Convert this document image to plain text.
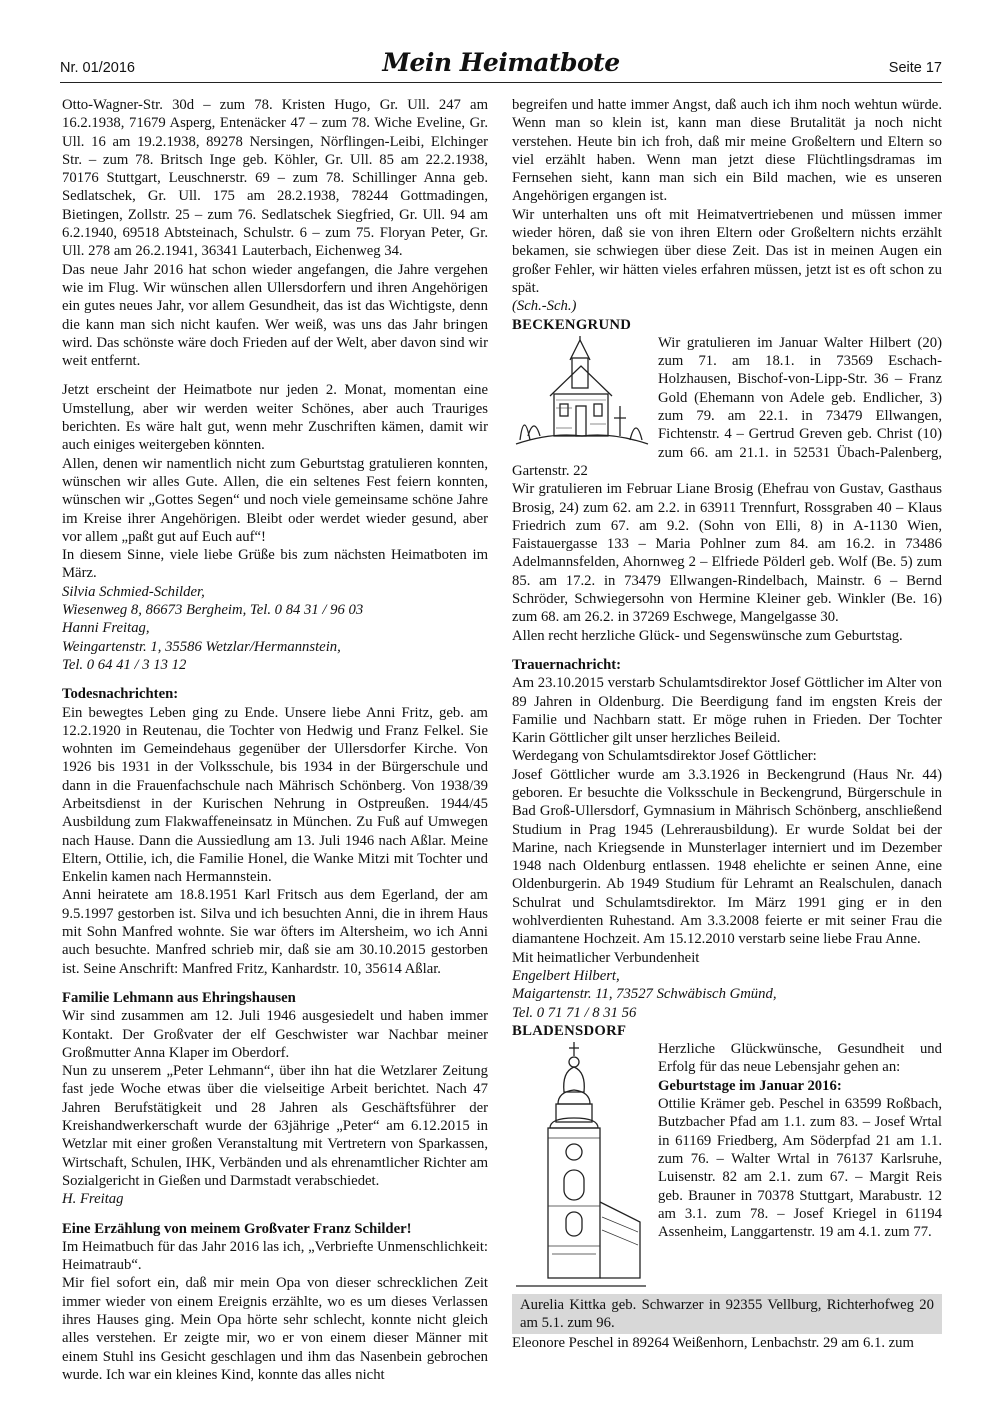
Nr. 01/2016	Mein Heimatbote	Seite 17

Otto-Wagner-Str. 30d – zum 78. Kristen Hugo, Gr. Ull. 247 am 16.2.1938, 71679 Asperg, Entenäcker 47 – zum 78. Wiche Eveline, Gr. Ull. 16 am 19.2.1938, 89278 Nersingen, Nörflingen-Leibi, Elchinger Str. – zum 78. Britsch Inge geb. Köhler, Gr. Ull. 85 am 22.2.1938, 70176 Stuttgart, Leuschnerstr. 69 – zum 78. Schillinger Anna geb. Sedlatschek, Gr. Ull. 175 am 28.2.1938, 78244 Gottmadingen, Bietingen, Zollstr. 25 – zum 76. Sedlatschek Siegfried, Gr. Ull. 94 am 6.2.1940, 69518 Abtsteinach, Schulstr. 6 – zum 75. Floryan Peter, Gr. Ull. 278 am 26.2.1941, 36341 Lauterbach, Eichenweg 34.

Das neue Jahr 2016 hat schon wieder angefangen, die Jahre vergehen wie im Flug. Wir wünschen allen Ullersdorfern und ihren Angehörigen ein gutes neues Jahr, vor allem Gesundheit, das ist das Wichtigste, denn die kann man sich nicht kaufen. Wer weiß, was uns das Jahr bringen wird. Das schönste wäre doch Frieden auf der Welt, aber davon sind wir weit entfernt.

Jetzt erscheint der Heimatbote nur jeden 2. Monat, momentan eine Umstellung, aber wir werden weiter Schönes, aber auch Trauriges berichten. Es wäre halt gut, wenn mehr Zuschriften kämen, damit wir auch einiges weitergeben könnten.

Allen, denen wir namentlich nicht zum Geburtstag gratulieren konnten, wünschen wir alles Gute. Allen, die ein seltenes Fest feiern konnten, wünschen wir „Gottes Segen“ und noch viele gemeinsame schöne Jahre im Kreise ihrer Angehörigen. Bleibt oder werdet wieder gesund, aber vor allem „paßt gut auf Euch auf“!

In diesem Sinne, viele liebe Grüße bis zum nächsten Heimatboten im März.

Silvia Schmied-Schilder,

Wiesenweg 8, 86673 Bergheim, Tel. 0 84 31 / 96 03

Hanni Freitag,

Weingartenstr. 1, 35586 Wetzlar/Hermannstein,

Tel. 0 64 41 / 3 13 12

Todesnachrichten:

Ein bewegtes Leben ging zu Ende. Unsere liebe Anni Fritz, geb. am 12.2.1920 in Reutenau, die Tochter von Hedwig und Franz Felkel. Sie wohnten im Gemeindehaus gegenüber der Ullersdorfer Kirche. Von 1926 bis 1931 in der Volksschule, bis 1934 in der Bürgerschule und dann in die Frauenfachschule nach Mährisch Schönberg. Von 1938/39 Arbeitsdienst in der Kurischen Nehrung in Ostpreußen. 1944/45 Ausbildung zum Flakwaffeneinsatz in München. Zu Fuß auf Umwegen nach Hause. Dann die Aussiedlung am 13. Juli 1946 nach Aßlar. Meine Eltern, Ottilie, ich, die Familie Honel, die Wanke Mitzi mit Tochter und Enkelin kamen nach Hermannstein.

Anni heiratete am 18.8.1951 Karl Fritsch aus dem Egerland, der am 9.5.1997 gestorben ist. Silva und ich besuchten Anni, die in ihrem Haus mit Sohn Manfred wohnte. Sie war öfters im Altersheim, wo ich Anni auch besuchte. Manfred schrieb mir, daß sie am 30.10.2015 gestorben ist. Seine Anschrift: Manfred Fritz, Kanhardstr. 10, 35614 Aßlar.

Familie Lehmann aus Ehringshausen

Wir sind zusammen am 12. Juli 1946 ausgesiedelt und haben immer Kontakt. Der Großvater der elf Geschwister war Nachbar meiner Großmutter Anna Klaper im Oberdorf.

Nun zu unserem „Peter Lehmann“, über ihn hat die Wetzlarer Zeitung fast jede Woche etwas über die vielseitige Arbeit berichtet. Nach 47 Jahren Berufstätigkeit und 28 Jahren als Geschäftsführer der Kreishandwerkerschaft wurde der 63jährige „Peter“ am 6.12.2015 in Wetzlar mit einer großen Veranstaltung mit Vertretern von Sparkassen, Wirtschaft, Schulen, IHK, Verbänden und als ehrenamtlicher Richter am Sozialgericht in Gießen und Darmstadt verabschiedet.

H. Freitag

Eine Erzählung von meinem Großvater Franz Schilder!

Im Heimatbuch für das Jahr 2016 las ich, „Verbriefte Unmenschlichkeit: Heimatraub“.

Mir fiel sofort ein, daß mir mein Opa von dieser schrecklichen Zeit immer wieder von einem Ereignis erzählte, wo es um dieses Verlassen ihres Hauses ging. Mein Opa hörte sehr schlecht, konnte nicht gleich alles verstehen. Er zeigte mir, wo er von einem dieser Männer mit einem Stuhl ins Gesicht geschlagen und ihm das Nasenbein gebrochen wurde. Ich war ein kleines Kind, konnte das alles nicht

begreifen und hatte immer Angst, daß auch ich ihm noch wehtun würde. Wenn man so klein ist, kann man diese Brutalität ja noch nicht verstehen. Heute bin ich froh, daß mir meine Großeltern und Eltern so viel erzählt haben. Wenn man jetzt diese Flüchtlingsdramas im Fernsehen sieht, kann man sich ein Bild machen, wie es unseren Angehörigen ergangen ist.

Wir unterhalten uns oft mit Heimatvertriebenen und müssen immer wieder hören, daß sie von ihren Eltern oder Großeltern nichts erzählt bekamen, sie schwiegen über diese Zeit. Das ist in meinen Augen ein großer Fehler, wir hätten vieles erfahren müssen, jetzt ist es oft schon zu spät.

(Sch.-Sch.)

BECKENGRUND

Wir gratulieren im Januar Walter Hilbert (20) zum 71. am 18.1. in 73569 Eschach-Holzhausen, Bischof-von-Lipp-Str. 36 – Franz Gold (Ehemann von Adele geb. Endlicher, 3) zum 79. am 22.1. in 73479 Ellwangen, Fichtenstr. 4 – Gertrud Greven geb. Christ (10) zum 66. am 21.1. in 52531 Übach-Palenberg, Gartenstr. 22

Wir gratulieren im Februar Liane Brosig (Ehefrau von Gustav, Gasthaus Brosig, 24) zum 62. am 2.2. in 63911 Trennfurt, Rossgraben 40 – Klaus Friedrich zum 67. am 9.2. (Sohn von Elli, 8) in A-1130 Wien, Faistauergasse 133 – Maria Pohlner zum 84. am 16.2. in 73486 Adelmannsfelden, Ahornweg 2 – Elfriede Pölderl geb. Wolf (Be. 5) zum 85. am 17.2. in 73479 Ellwangen-Rindelbach, Mainstr. 6 – Bernd Schröder, Schwiegersohn von Hermine Kleiner geb. Winkler (Be. 16) zum 68. am 26.2. in 37269 Eschwege, Mangelgasse 30.

Allen recht herzliche Glück- und Segenswünsche zum Geburtstag.

Trauernachricht:

Am 23.10.2015 verstarb Schulamtsdirektor Josef Göttlicher im Alter von 89 Jahren in Oldenburg. Die Beerdigung fand im engsten Kreis der Familie und Nachbarn statt. Er möge ruhen in Frieden. Der Tochter Karin Göttlicher gilt unser herzliches Beileid.

Werdegang von Schulamtsdirektor Josef Göttlicher:

Josef Göttlicher wurde am 3.3.1926 in Beckengrund (Haus Nr. 44) geboren. Er besuchte die Volksschule in Beckengrund, Bürgerschule in Bad Groß-Ullersdorf, Gymnasium in Mährisch Schönberg, anschließend Studium in Prag 1945 (Lehrerausbildung). Er wurde Soldat bei der Marine, nach Kriegsende in Munsterlager interniert und im Dezember 1948 nach Oldenburg entlassen. 1948 ehelichte er seinen Anne, eine Oldenburgerin. Ab 1949 Studium für Lehramt an Realschulen, danach Schulrat und Schulamtsdirektor. Im März 1991 ging er in den wohlverdienten Ruhestand. Am 3.3.2008 feierte er mit seiner Frau die diamantene Hochzeit. Am 15.12.2010 verstarb seine liebe Frau Anne.

Mit heimatlicher Verbundenheit

Engelbert Hilbert,

Maigartenstr. 11, 73527 Schwäbisch Gmünd,

Tel. 0 71 71 / 8 31 56

BLADENSDORF

Herzliche Glückwünsche, Gesundheit und Erfolg für das neue Lebensjahr gehen an:

Geburtstage im Januar 2016:

Ottilie Krämer geb. Peschel in 63599 Roßbach, Butzbacher Pfad am 1.1. zum 83. – Josef Wrtal in 61169 Friedberg, Am Söderpfad 21 am 1.1. zum 76. – Walter Wrtal in 76137 Karlsruhe, Luisenstr. 82 am 2.1. zum 67. – Margit Reis geb. Brauner in 70378 Stuttgart, Marabustr. 12 am 3.1. zum 78. – Josef Kriegel in 61194 Assenheim, Langgartenstr. 19 am 4.1. zum 77.

Aurelia Kittka geb. Schwarzer in 92355 Vellburg, Richterhofweg 20 am 5.1. zum 96.

Eleonore Peschel in 89264 Weißenhorn, Lenbachstr. 29 am 6.1. zum
